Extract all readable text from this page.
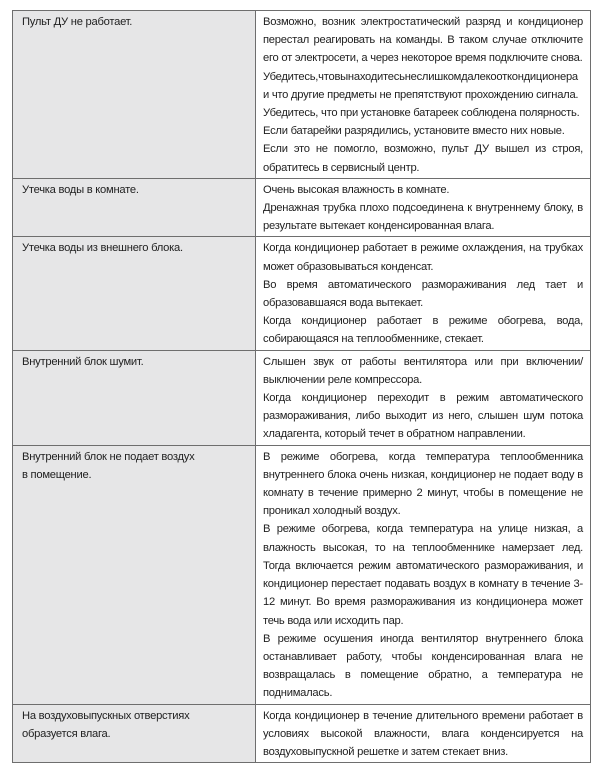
Пульт ДУ не работает.	Возможно, возник электростатический разряд и кондиционер перестал реагировать на команды. В таком случае отключите его от электросети, а через некоторое время подключите снова.
Убедитесь,чтовынаходитесьнеслишкомдалекооткондиционера и что другие предметы не препятствуют прохождению сигнала.
Убедитесь, что при установке батареек соблюдена полярность.
Если батарейки разрядились, установите вместо них новые.
Если это не помогло, возможно, пульт ДУ вышел из строя, обратитесь в сервисный центр.

Утечка воды в комнате.	Очень высокая влажность в комнате.
Дренажная трубка плохо подсоединена к внутреннему блоку, в результате вытекает конденсированная влага.

Утечка воды из внешнего блока.	Когда кондиционер работает в режиме охлаждения, на трубках может образовываться конденсат.
Во время автоматического размораживания лед тает и образовавшаяся вода вытекает.
Когда кондиционер работает в режиме обогрева, вода, собирающаяся на теплообменнике, стекает.

Внутренний блок шумит.	Слышен звук от работы вентилятора или при включении/ выключении реле компрессора.
Когда кондиционер переходит в режим автоматического размораживания, либо выходит из него, слышен шум потока хладагента, который течет в обратном направлении.

Внутренний блок не подает воздух
в помещение.	В режиме обогрева, когда температура теплообменника внутреннего блока очень низкая, кондиционер не подает воду в комнату в течение примерно 2 минут, чтобы в помещение не проникал холодный воздух.
В режиме обогрева, когда температура на улице низкая, а влажность высокая, то на теплообменнике намерзает лед. Тогда включается режим автоматического размораживания, и кондиционер перестает подавать воздух в комнату в течение 3-12 минут. Во время размораживания из кондиционера может течь вода или исходить пар.
В режиме осушения иногда вентилятор внутреннего блока останавливает работу, чтобы конденсированная влага не возвращалась в помещение обратно, а температура не поднималась.

На воздуховыпускных отверстиях
образуется влага.	Когда кондиционер в течение длительного времени работает в условиях высокой влажности, влага конденсируется на воздуховыпускной решетке и затем стекает вниз.
